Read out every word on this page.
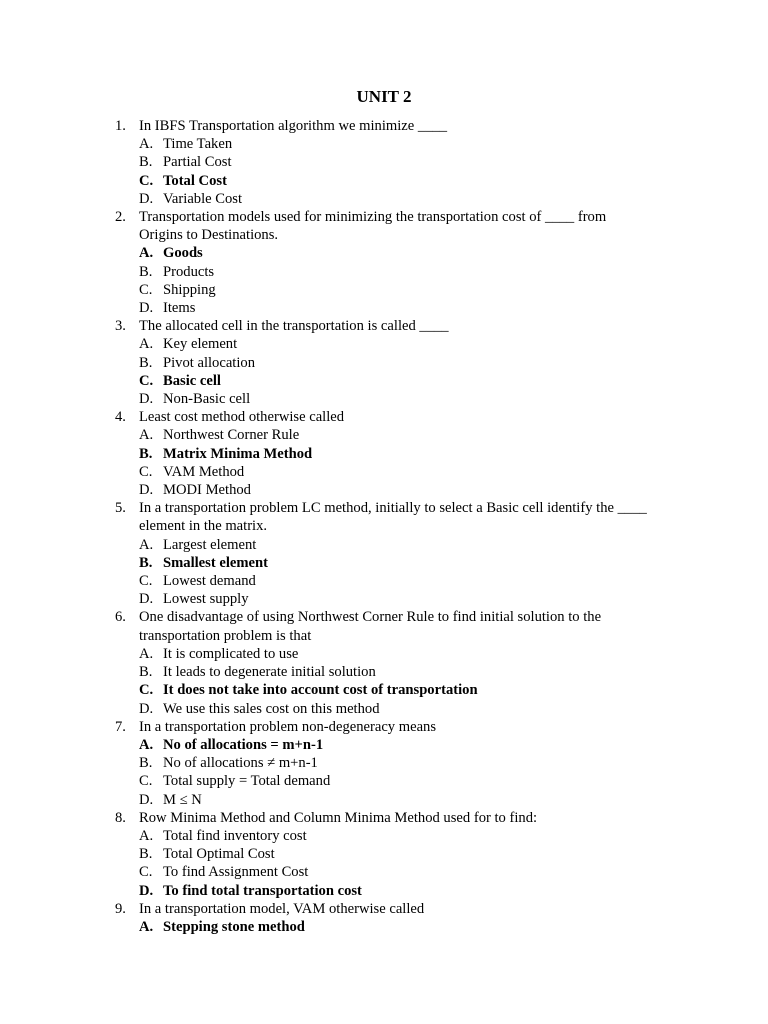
UNIT 2
1. In IBFS Transportation algorithm we minimize ____
A. Time Taken
B. Partial Cost
C. Total Cost
D. Variable Cost
2. Transportation models used for minimizing the transportation cost of ____ from Origins to Destinations.
A. Goods
B. Products
C. Shipping
D. Items
3. The allocated cell in the transportation is called ____
A. Key element
B. Pivot allocation
C. Basic cell
D. Non-Basic cell
4. Least cost method otherwise called
A. Northwest Corner Rule
B. Matrix Minima Method
C. VAM Method
D. MODI Method
5. In a transportation problem LC method, initially to select a Basic cell identify the ____ element in the matrix.
A. Largest element
B. Smallest element
C. Lowest demand
D. Lowest supply
6. One disadvantage of using Northwest Corner Rule to find initial solution to the transportation problem is that
A. It is complicated to use
B. It leads to degenerate initial solution
C. It does not take into account cost of transportation
D. We use this sales cost on this method
7. In a transportation problem non-degeneracy means
A. No of allocations = m+n-1
B. No of allocations ≠ m+n-1
C. Total supply = Total demand
D. M ≤ N
8. Row Minima Method and Column Minima Method used for to find:
A. Total find inventory cost
B. Total Optimal Cost
C. To find Assignment Cost
D. To find total transportation cost
9. In a transportation model, VAM otherwise called
A. Stepping stone method
